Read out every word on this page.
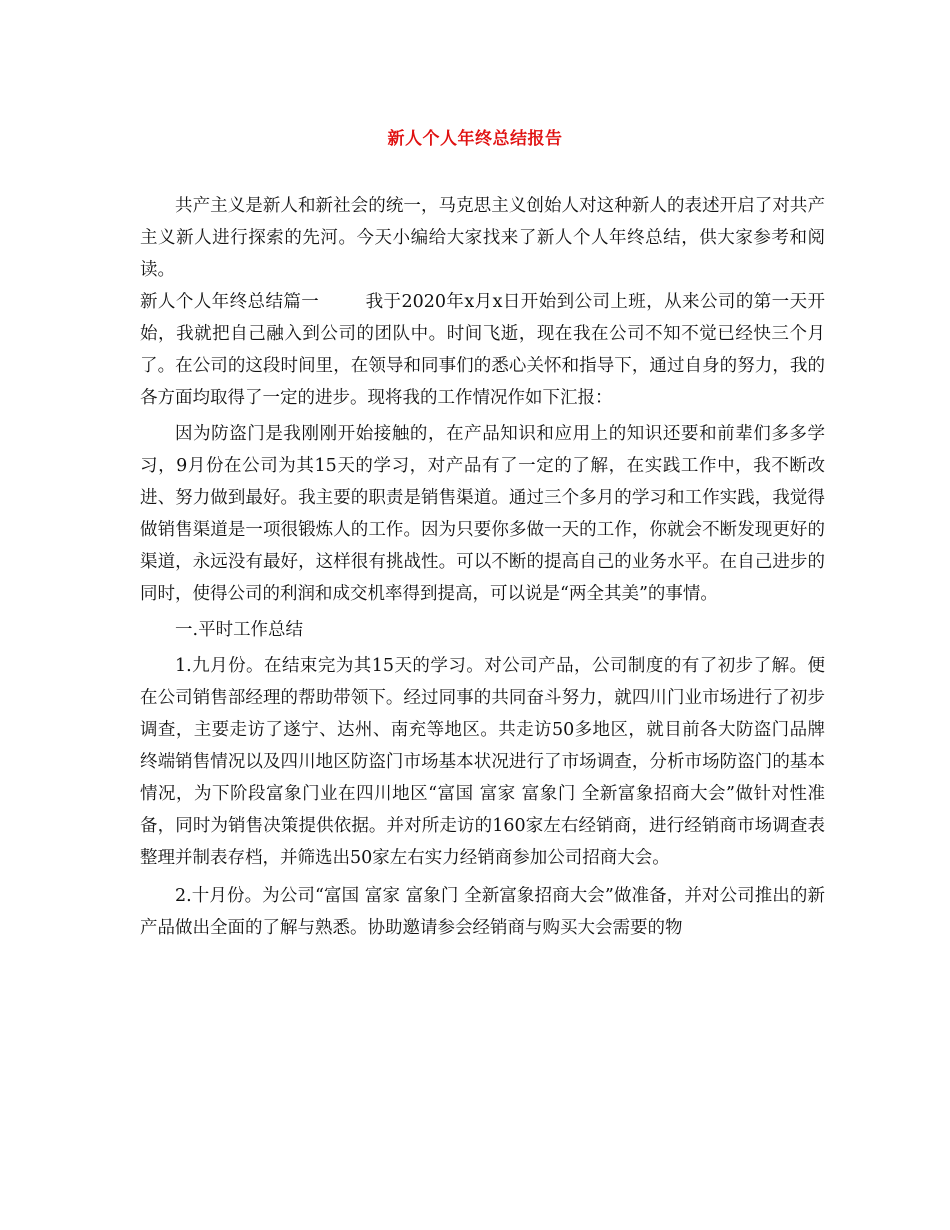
新人个人年终总结报告

共产主义是新人和新社会的统一，马克思主义创始人对这种新人的表述开启了对共产主义新人进行探索的先河。今天小编给大家找来了新人个人年终总结，供大家参考和阅读。

新人个人年终总结篇一	我于2020年x月x日开始到公司上班，从来公司的第一天开始，我就把自己融入到公司的团队中。时间飞逝，现在我在公司不知不觉已经快三个月了。在公司的这段时间里，在领导和同事们的悉心关怀和指导下，通过自身的努力，我的各方面均取得了一定的进步。现将我的工作情况作如下汇报：

因为防盗门是我刚刚开始接触的，在产品知识和应用上的知识还要和前辈们多多学习，9月份在公司为其15天的学习，对产品有了一定的了解，在实践工作中，我不断改进、努力做到最好。我主要的职责是销售渠道。通过三个多月的学习和工作实践，我觉得做销售渠道是一项很锻炼人的工作。因为只要你多做一天的工作，你就会不断发现更好的渠道，永远没有最好，这样很有挑战性。可以不断的提高自己的业务水平。在自己进步的同时，使得公司的利润和成交机率得到提高，可以说是“两全其美”的事情。

一.平时工作总结

1.九月份。在结束完为其15天的学习。对公司产品，公司制度的有了初步了解。便在公司销售部经理的帮助带领下。经过同事的共同奋斗努力，就四川门业市场进行了初步调查，主要走访了遂宁、达州、南充等地区。共走访50多地区，就目前各大防盗门品牌终端销售情况以及四川地区防盗门市场基本状况进行了市场调查，分析市场防盗门的基本情况，为下阶段富象门业在四川地区“富国 富家 富象门 全新富象招商大会”做针对性准备，同时为销售决策提供依据。并对所走访的160家左右经销商，进行经销商市场调查表整理并制表存档，并筛选出50家左右实力经销商参加公司招商大会。

2.十月份。为公司“富国 富家 富象门 全新富象招商大会”做准备，并对公司推出的新产品做出全面的了解与熟悉。协助邀请参会经销商与购买大会需要的物
